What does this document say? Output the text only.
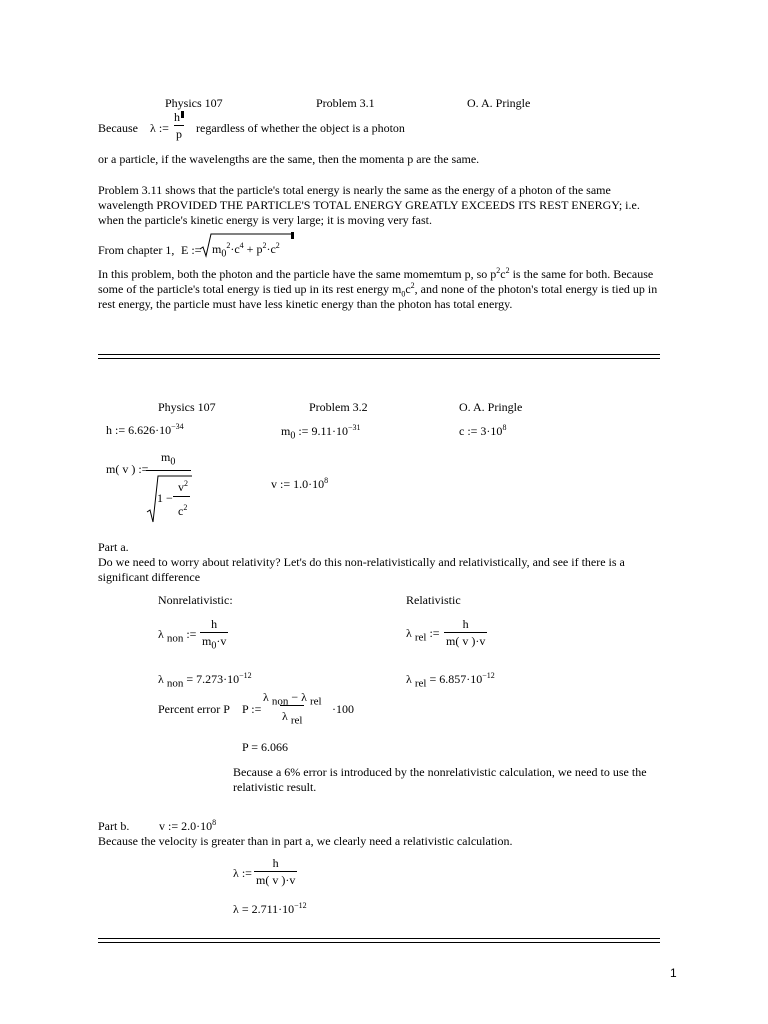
Physics 107	Problem 3.1	O. A. Pringle
Because λ := $\frac{h}{p}$ regardless of whether the object is a photon
or a particle, if the wavelengths are the same, then the momenta p are the same.
Problem 3.11 shows that the particle's total energy is nearly the same as the energy of a photon of the same wavelength PROVIDED THE PARTICLE'S TOTAL ENERGY GREATLY EXCEEDS ITS REST ENERGY; i.e. when the particle's kinetic energy is very large; it is moving very fast.
From chapter 1, E := $m_0^2\cdot c^4 + p^2\cdot c^2$
In this problem, both the photon and the particle have the same momemtum p, so $p^2c^2$ is the same for both. Because some of the particle's total energy is tied up in its rest energy $m_0c^2$, and none of the photon's total energy is tied up in rest energy, the particle must have less kinetic energy than the photon has total energy.
Physics 107	Problem 3.2	O. A. Pringle
h := $6.626\cdot 10^{-34}$	$m_0$ := $9.11\cdot 10^{-31}$	c := $3\cdot 10^8$
m( v ) :=
$m_0$
1 −
$v^2$
$c^2$
v := $1.0\cdot 10^8$
Part a.
Do we need to worry about relativity? Let's do this non-relativistically and relativistically, and see if there is a significant difference
Nonrelativistic:	Relativistic
λ $_{non}$ := $\frac{h}{m_0\cdot v}$	λ $_{rel}$ := $\frac{h}{m( v )\cdot v}$
λ $_{non} = 7.273\cdot 10^{-12}$	λ $_{rel} = 6.857\cdot 10^{-12}$
Percent error P P :=
λ $_{non}$ − λ $_{rel}$
λ $_{rel}$
·100
P = 6.066
Because a 6% error is introduced by the nonrelativistic calculation, we need to use the relativistic result.
Part b. v := $2.0\cdot 10^8$
Because the velocity is greater than in part a, we clearly need a relativistic calculation.
λ := $\frac{h}{m( v )\cdot v}$
$\lambda = 2.711\cdot 10^{-12}$
1
